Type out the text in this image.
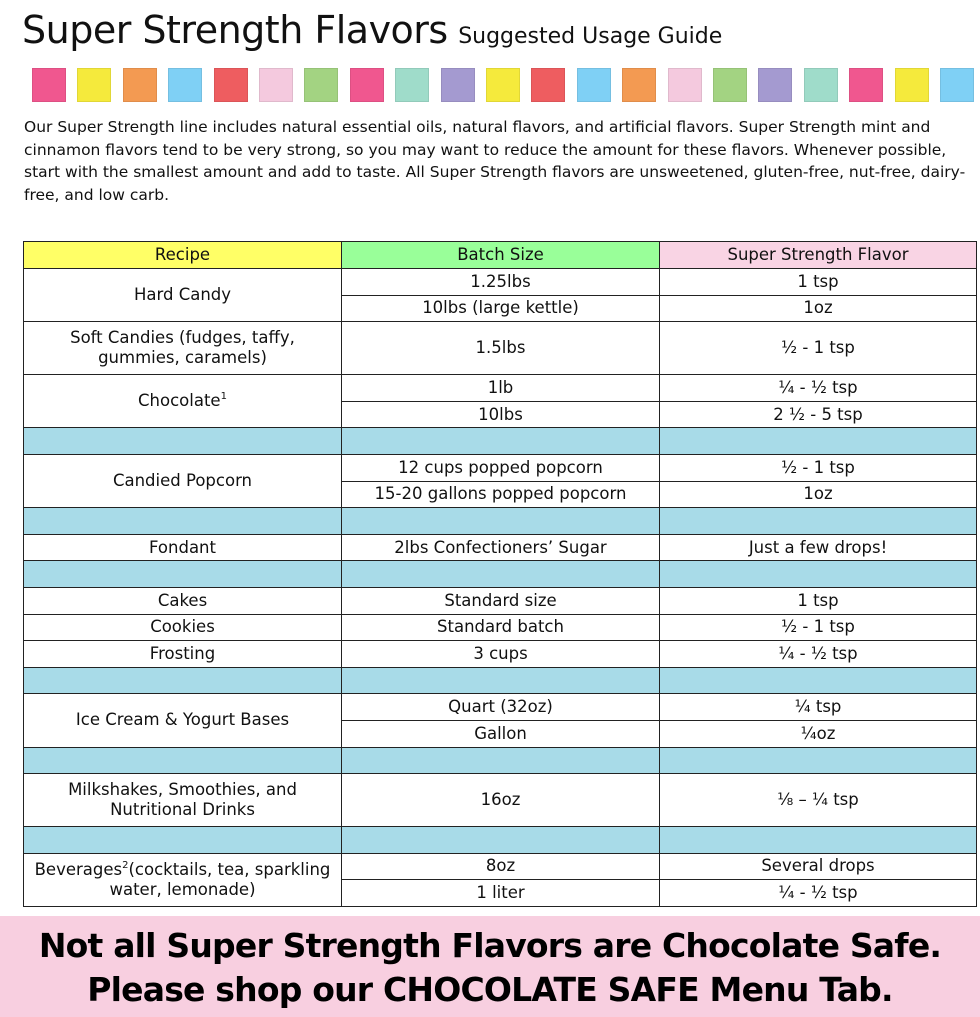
Super Strength Flavors Suggested Usage Guide

Our Super Strength line includes natural essential oils, natural flavors, and artificial flavors. Super Strength mint and cinnamon flavors tend to be very strong, so you may want to reduce the amount for these flavors. Whenever possible, start with the smallest amount and add to taste. All Super Strength flavors are unsweetened, gluten-free, nut-free, dairy-free, and low carb.

Recipe	Batch Size	Super Strength Flavor
Hard Candy	1.25lbs	1 tsp
	10lbs (large kettle)	1oz
Soft Candies (fudges, taffy, gummies, caramels)	1.5lbs	½ - 1 tsp
Chocolate$^1$	1lb	¼ - ½ tsp
	10lbs	2 ½ - 5 tsp

Candied Popcorn	12 cups popped popcorn	½ - 1 tsp
	15-20 gallons popped popcorn	1oz

Fondant	2lbs Confectioners’ Sugar	Just a few drops!

Cakes	Standard size	1 tsp
Cookies	Standard batch	½ - 1 tsp
Frosting	3 cups	¼ - ½ tsp

Ice Cream & Yogurt Bases	Quart (32oz)	¼ tsp
	Gallon	¼oz

Milkshakes, Smoothies, and Nutritional Drinks	16oz	⅛ – ¼ tsp

Beverages$^2$(cocktails, tea, sparkling water, lemonade)	8oz	Several drops
	1 liter	¼ - ½ tsp
Not all Super Strength Flavors are Chocolate Safe.
Please shop our CHOCOLATE SAFE Menu Tab.
